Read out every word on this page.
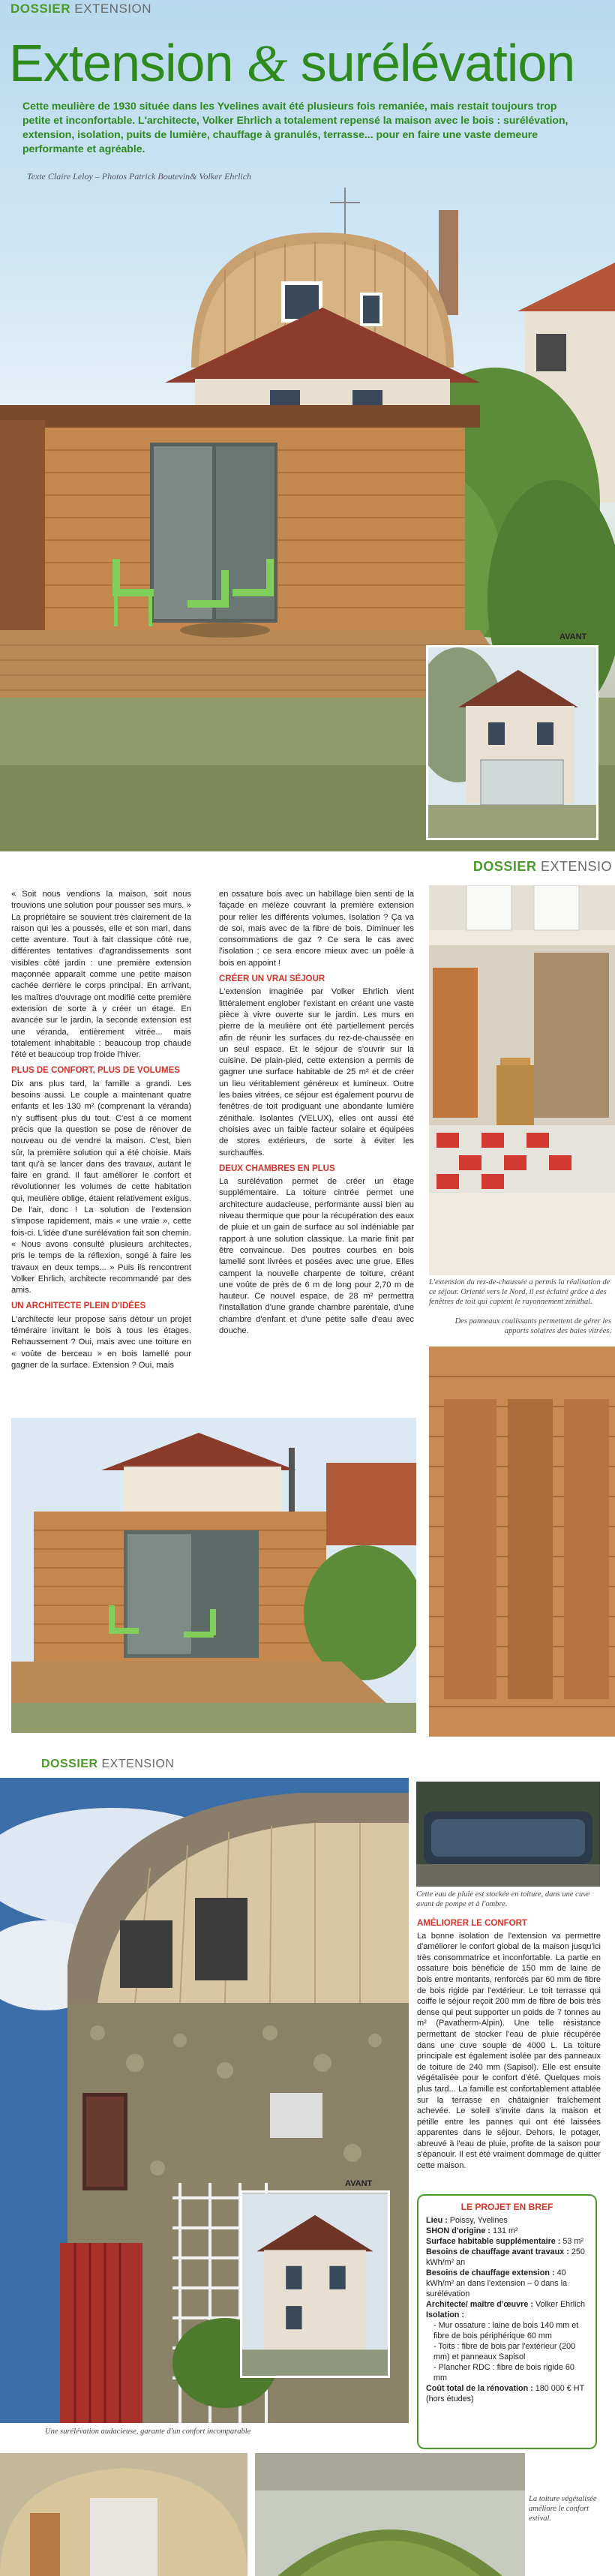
DOSSIER EXTENSION
Extension & surélévation

Cette meulière de 1930 située dans les Yvelines avait été plusieurs fois remaniée, mais restait toujours trop petite et inconfortable. L'architecte, Volker Ehrlich a totalement repensé la maison avec le bois : surélévation, extension, isolation, puits de lumière, chauffage à granulés, terrasse... pour en faire une vaste demeure performante et agréable.

Texte Claire Leloy – Photos Patrick Boutevin& Volker Ehrlich
AVANT
DOSSIER EXTENSIO

« Soit nous vendions la maison, soit nous trouvions une solution pour pousser ses murs. » La propriétaire se souvient très clairement de la raison qui les a poussés, elle et son mari, dans cette aventure. Tout à fait classique côté rue, différentes tentatives d'agrandissements sont visibles côté jardin : une première extension maçonnée apparaît comme une petite maison cachée derrière le corps principal. En arrivant, les maîtres d'ouvrage ont modifié cette première extension de sorte à y créer un étage. En avancée sur le jardin, la seconde extension est une véranda, entièrement vitrée... mais totalement inhabitable : beaucoup trop chaude l'été et beaucoup trop froide l'hiver.

PLUS DE CONFORT, PLUS DE VOLUMES

Dix ans plus tard, la famille a grandi. Les besoins aussi. Le couple a maintenant quatre enfants et les 130 m² (comprenant la véranda) n'y suffisent plus du tout. C'est à ce moment précis que la question se pose de rénover de nouveau ou de vendre la maison. C'est, bien sûr, la première solution qui a été choisie. Mais tant qu'à se lancer dans des travaux, autant le faire en grand. Il faut améliorer le confort et révolutionner les volumes de cette habitation qui, meulière oblige, étaient relativement exigus. De l'air, donc ! La solution de l'extension s'impose rapidement, mais « une vraie », cette fois-ci. L'idée d'une surélévation fait son chemin. « Nous avons consulté plusieurs architectes, pris le temps de la réflexion, songé à faire les travaux en deux temps... » Puis ils rencontrent Volker Ehrlich, architecte recommandé par des amis.

UN ARCHITECTE PLEIN D'IDÉES

L'architecte leur propose sans détour un projet téméraire invitant le bois à tous les étages. Rehaussement ? Oui, mais avec une toiture en « voûte de berceau » en bois lamellé pour gagner de la surface. Extension ? Oui, mais

en ossature bois avec un habillage bien senti de la façade en mélèze couvrant la première extension pour relier les différents volumes. Isolation ? Ça va de soi, mais avec de la fibre de bois. Diminuer les consommations de gaz ? Ce sera le cas avec l'isolation ; ce sera encore mieux avec un poêle à bois en appoint !

CRÉER UN VRAI SÉJOUR

L'extension imaginée par Volker Ehrlich vient littéralement englober l'existant en créant une vaste pièce à vivre ouverte sur le jardin. Les murs en pierre de la meulière ont été partiellement percés afin de réunir les surfaces du rez-de-chaussée en un seul espace. Et le séjour de s'ouvrir sur la cuisine. De plain-pied, cette extension a permis de gagner une surface habitable de 25 m² et de créer un lieu véritablement généreux et lumineux. Outre les baies vitrées, ce séjour est également pourvu de fenêtres de toit prodiguant une abondante lumière zénithale. Isolantes (VELUX), elles ont aussi été choisies avec un faible facteur solaire et équipées de stores extérieurs, de sorte à éviter les surchauffes.

DEUX CHAMBRES EN PLUS

La surélévation permet de créer un étage supplémentaire. La toiture cintrée permet une architecture audacieuse, performante aussi bien au niveau thermique que pour la récupération des eaux de pluie et un gain de surface au sol indéniable par rapport à une solution classique. La marie finit par être convaincue. Des poutres courbes en bois lamellé sont livrées et posées avec une grue. Elles campent la nouvelle charpente de toiture, créant une voûte de près de 6 m de long pour 2,70 m de hauteur. Ce nouvel espace, de 28 m² permettra l'installation d'une grande chambre parentale, d'une chambre d'enfant et d'une petite salle d'eau avec douche.

L'extension du rez-de-chaussée a permis la réalisation de ce séjour. Orienté vers le Nord, il est éclairé grâce à des fenêtres de toit qui captent le rayonnement zénithal.

Des panneaux coulissants permettent de gérer les apports solaires des baies vitrées.

DOSSIER EXTENSION
AVANT

Une surélévation audacieuse, garante d'un confort incomparable

Cette eau de pluie est stockée en toiture, dans une cuve avant de pompe et à l'ombre.

AMÉLIORER LE CONFORT

La bonne isolation de l'extension va permettre d'améliorer le confort global de la maison jusqu'ici très consommatrice et inconfortable. La partie en ossature bois bénéficie de 150 mm de laine de bois entre montants, renforcés par 60 mm de fibre de bois rigide par l'extérieur. Le toit terrasse qui coiffe le séjour reçoit 200 mm de fibre de bois très dense qui peut supporter un poids de 7 tonnes au m² (Pavatherm-Alpin). Une telle résistance permettant de stocker l'eau de pluie récupérée dans une cuve souple de 4000 L. La toiture principale est également isolée par des panneaux de toiture de 240 mm (Sapisol). Elle est ensuite végétalisée pour le confort d'été. Quelques mois plus tard... La famille est confortablement attablée sur la terrasse en châtaignier fraîchement achevée. Le soleil s'invite dans la maison et pétille entre les pannes qui ont été laissées apparentes dans le séjour. Dehors, le potager, abreuvé à l'eau de pluie, profite de la saison pour s'épanouir. Il est été vraiment dommage de quitter cette maison.

LE PROJET EN BREF
Lieu : Poissy, Yvelines
SHON d'origine : 131 m²
Surface habitable supplémentaire : 53 m²
Besoins de chauffage avant travaux : 250 kWh/m² an
Besoins de chauffage extension : 40 kWh/m² an dans l'extension – 0 dans la surélévation
Architecte/ maître d'œuvre : Volker Ehrlich
Isolation :
- Mur ossature : laine de bois 140 mm et fibre de bois périphérique 60 mm
- Toits : fibre de bois par l'extérieur (200 mm) et panneaux Sapisol
- Plancher RDC : fibre de bois rigide 60 mm
Coût total de la rénovation : 180 000 € HT (hors études)

La toiture végétalisée améliore le confort estival.
